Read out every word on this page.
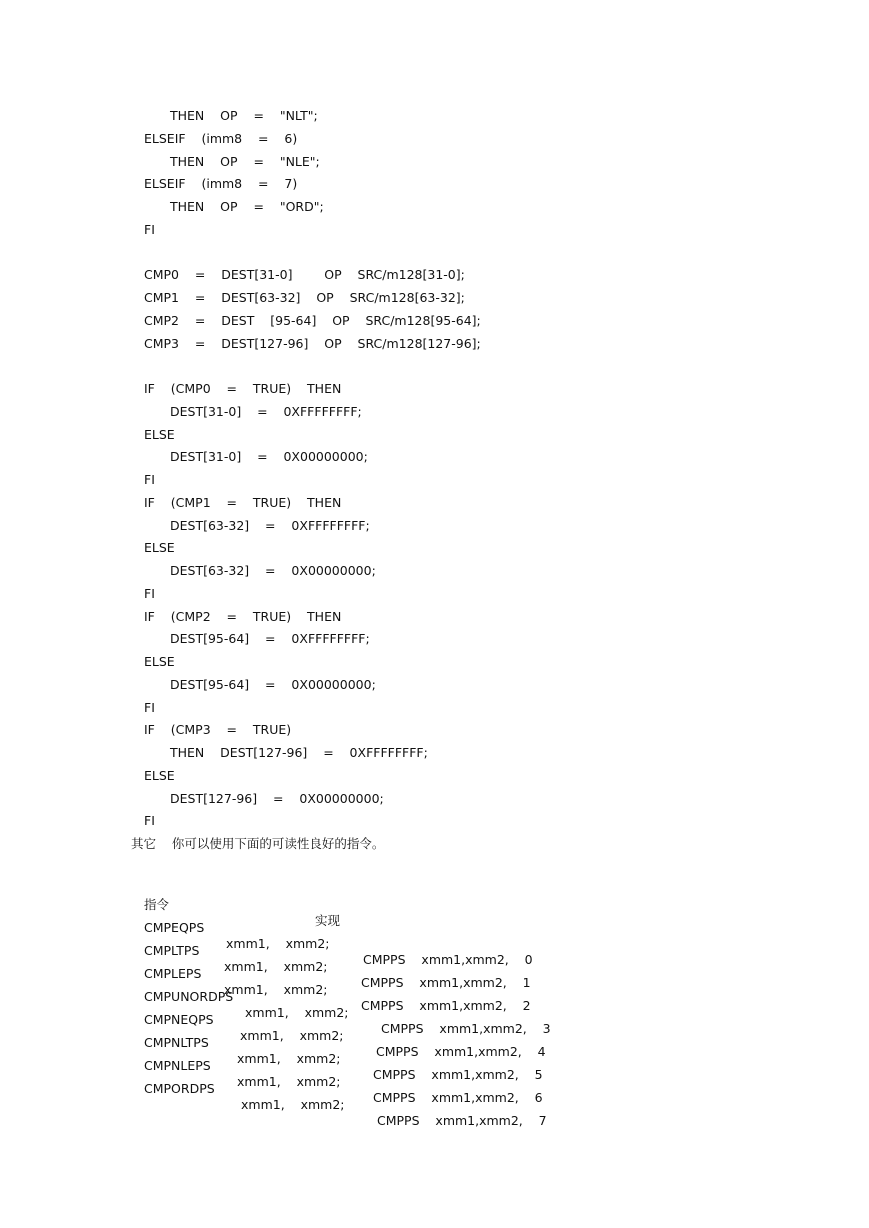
THEN    OP    =    "NLT";
ELSEIF    (imm8    =    6)
THEN    OP    =    "NLE";
ELSEIF    (imm8    =    7)
THEN    OP    =    "ORD";
FI
CMP0    =    DEST[31-0]        OP    SRC/m128[31-0];
CMP1    =    DEST[63-32]    OP    SRC/m128[63-32];
CMP2    =    DEST    [95-64]    OP    SRC/m128[95-64];
CMP3    =    DEST[127-96]    OP    SRC/m128[127-96];
IF    (CMP0    =    TRUE)    THEN
DEST[31-0]    =    0XFFFFFFFF;
ELSE
DEST[31-0]    =    0X00000000;
FI
IF    (CMP1    =    TRUE)    THEN
DEST[63-32]    =    0XFFFFFFFF;
ELSE
DEST[63-32]    =    0X00000000;
FI
IF    (CMP2    =    TRUE)    THEN
DEST[95-64]    =    0XFFFFFFFF;
ELSE
DEST[95-64]    =    0X00000000;
FI
IF    (CMP3    =    TRUE)
THEN    DEST[127-96]    =    0XFFFFFFFF;
ELSE
DEST[127-96]    =    0X00000000;
FI
其它    你可以使用下面的可读性良好的指令。

指令

实现

CMPEQPS

xmm1,    xmm2;

CMPPS    xmm1,xmm2,    0

CMPLTPS

xmm1,    xmm2;

CMPPS    xmm1,xmm2,    1

CMPLEPS

xmm1,    xmm2;

CMPPS    xmm1,xmm2,    2

CMPUNORDPS

xmm1,    xmm2;

CMPPS    xmm1,xmm2,    3

CMPNEQPS

xmm1,    xmm2;

CMPPS    xmm1,xmm2,    4

CMPNLTPS

xmm1,    xmm2;

CMPPS    xmm1,xmm2,    5

CMPNLEPS

xmm1,    xmm2;

CMPPS    xmm1,xmm2,    6

CMPORDPS

xmm1,    xmm2;

CMPPS    xmm1,xmm2,    7
